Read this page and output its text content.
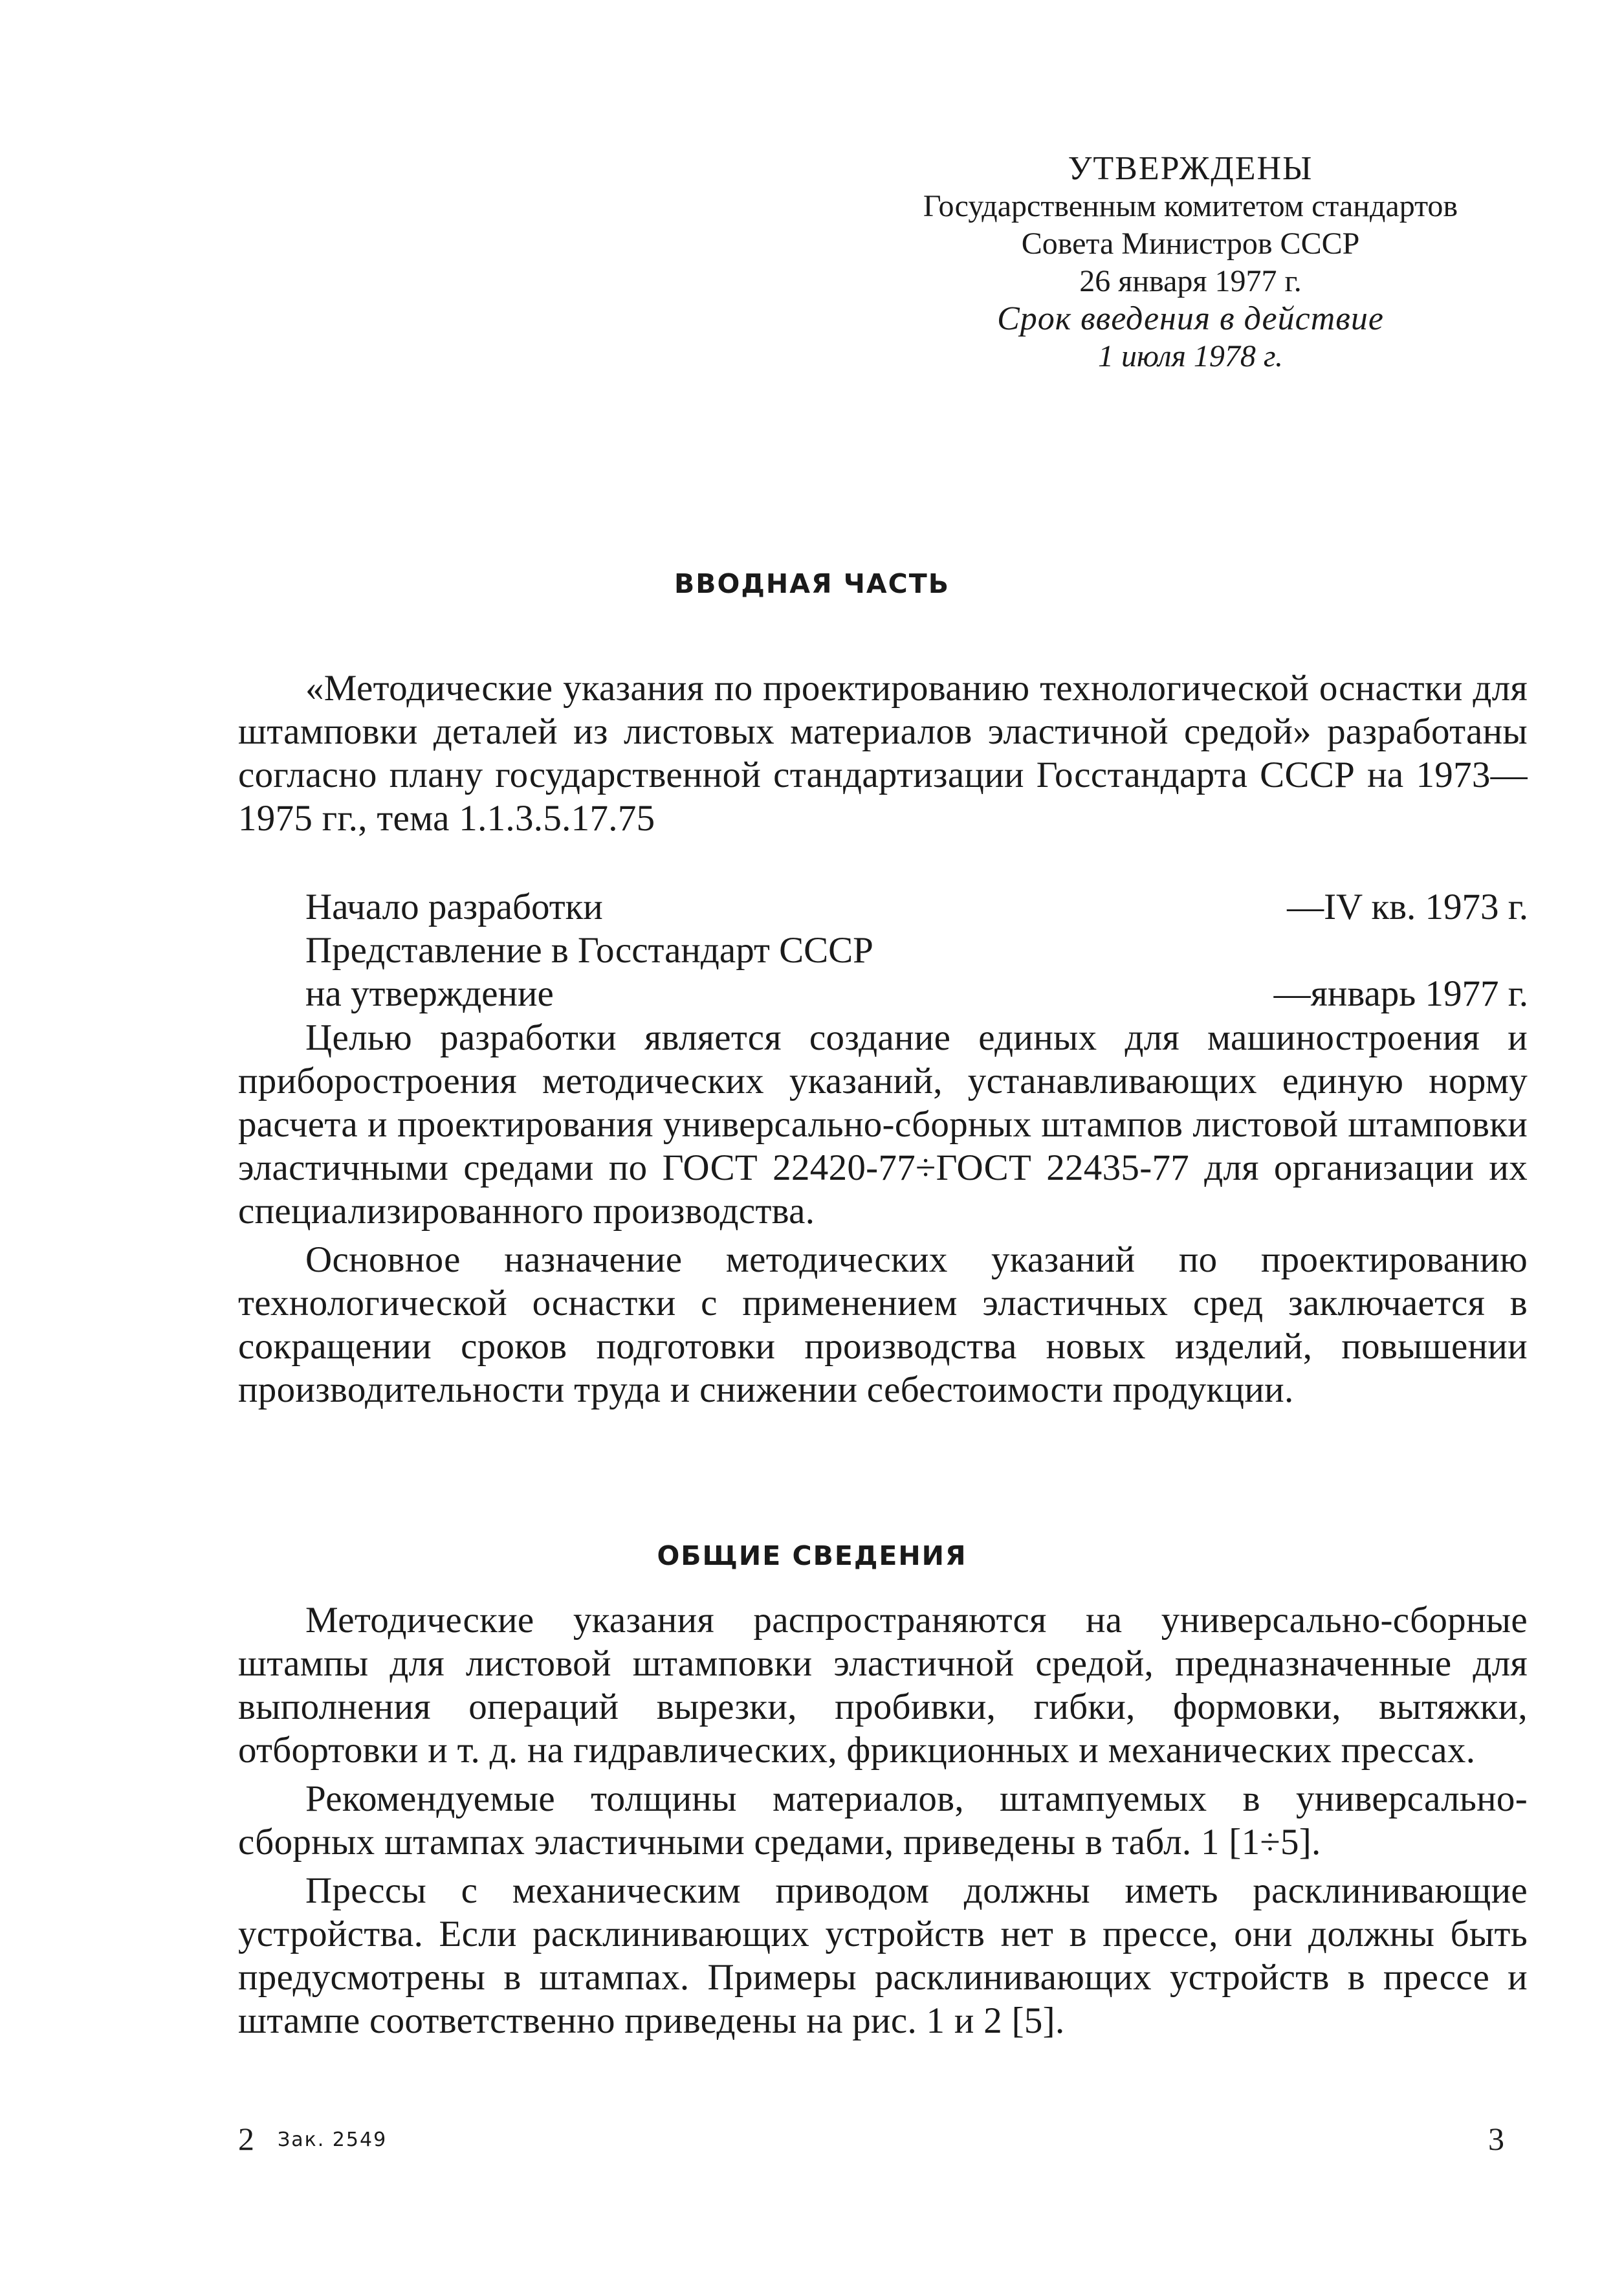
УТВЕРЖДЕНЫ
Государственным комитетом стандартов
Совета Министров СССР
26 января 1977 г.
Срок введения в действие
1 июля 1978 г.
ВВОДНАЯ ЧАСТЬ

«Методические указания по проектированию технологической оснастки для штамповки деталей из листовых материалов эластичной средой» разработаны согласно плану государственной стандартизации Госстандарта СССР на 1973—1975 гг., тема 1.1.3.5.17.75

Начало разработки	—IV кв. 1973 г.
Представление в Госстандарт СССР
на утверждение	—январь 1977 г.

Целью разработки является создание единых для машиностроения и приборостроения методических указаний, устанавливающих единую норму расчета и проектирования универсально-сборных штампов листовой штамповки эластичными средами по ГОСТ 22420-77÷ГОСТ 22435-77 для организации их специализированного производства.

Основное назначение методических указаний по проектированию технологической оснастки с применением эластичных сред заключается в сокращении сроков подготовки производства новых изделий, повышении производительности труда и снижении себестоимости продукции.

ОБЩИЕ СВЕДЕНИЯ

Методические указания распространяются на универсально-сборные штампы для листовой штамповки эластичной средой, предназначенные для выполнения операций вырезки, пробивки, гибки, формовки, вытяжки, отбортовки и т. д. на гидравлических, фрикционных и механических прессах.

Рекомендуемые толщины материалов, штампуемых в универсально-сборных штампах эластичными средами, приведены в табл. 1 [1÷5].

Прессы с механическим приводом должны иметь расклинивающие устройства. Если расклинивающих устройств нет в прессе, они должны быть предусмотрены в штампах. Примеры расклинивающих устройств в прессе и штампе соответственно приведены на рис. 1 и 2 [5].

2 Зак. 2549	3
